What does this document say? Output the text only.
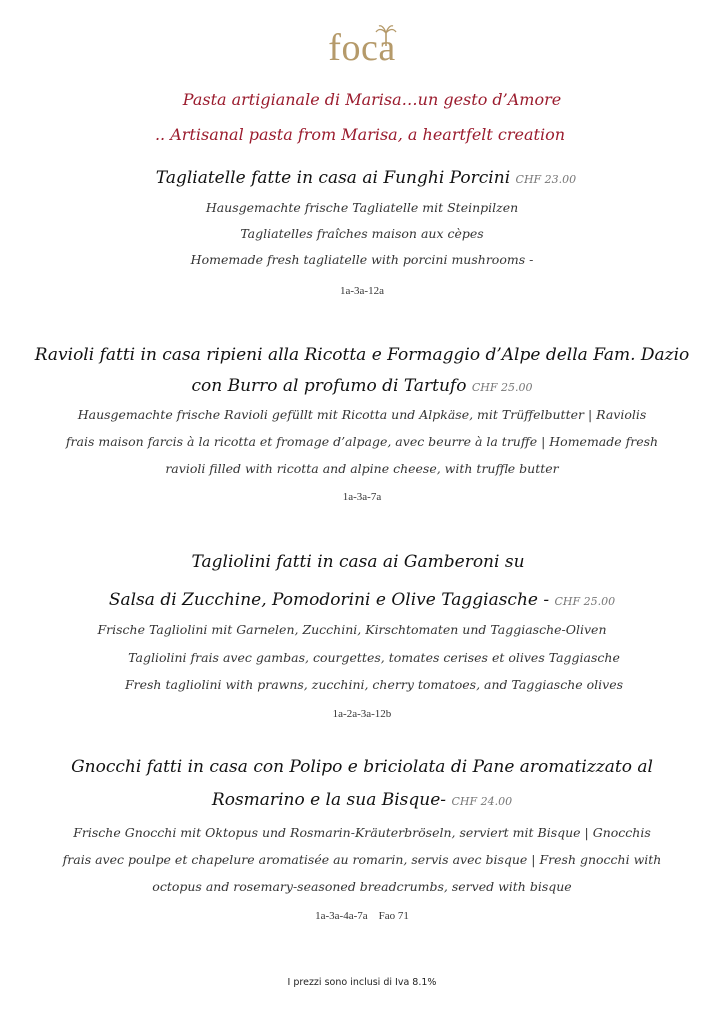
foca
Pasta artigianale di Marisa…un gesto d’Amore
.. Artisanal pasta from Marisa, a heartfelt creation
Tagliatelle fatte in casa ai Funghi Porcini CHF 23.00
Hausgemachte frische Tagliatelle mit Steinpilzen
Tagliatelles fraîches maison aux cèpes
Homemade fresh tagliatelle with porcini mushrooms -
1a-3a-12a
Ravioli fatti in casa ripieni alla Ricotta e Formaggio d’Alpe della Fam. Dazio
con Burro al profumo di Tartufo CHF 25.00
Hausgemachte frische Ravioli gefüllt mit Ricotta und Alpkäse, mit Trüffelbutter | Raviolis
frais maison farcis à la ricotta et fromage d’alpage, avec beurre à la truffe | Homemade fresh
ravioli filled with ricotta and alpine cheese, with truffle butter
1a-3a-7a
Tagliolini fatti in casa ai Gamberoni su
Salsa di Zucchine, Pomodorini e Olive Taggiasche - CHF 25.00
Frische Tagliolini mit Garnelen, Zucchini, Kirschtomaten und Taggiasche-Oliven
Tagliolini frais avec gambas, courgettes, tomates cerises et olives Taggiasche
Fresh tagliolini with prawns, zucchini, cherry tomatoes, and Taggiasche olives
1a-2a-3a-12b
Gnocchi fatti in casa con Polipo e briciolata di Pane aromatizzato al
Rosmarino e la sua Bisque- CHF 24.00
Frische Gnocchi mit Oktopus und Rosmarin-Kräuterbröseln, serviert mit Bisque | Gnocchis
frais avec poulpe et chapelure aromatisée au romarin, servis avec bisque | Fresh gnocchi with
octopus and rosemary-seasoned breadcrumbs, served with bisque
1a-3a-4a-7a    Fao 71
I prezzi sono inclusi di Iva 8.1%
